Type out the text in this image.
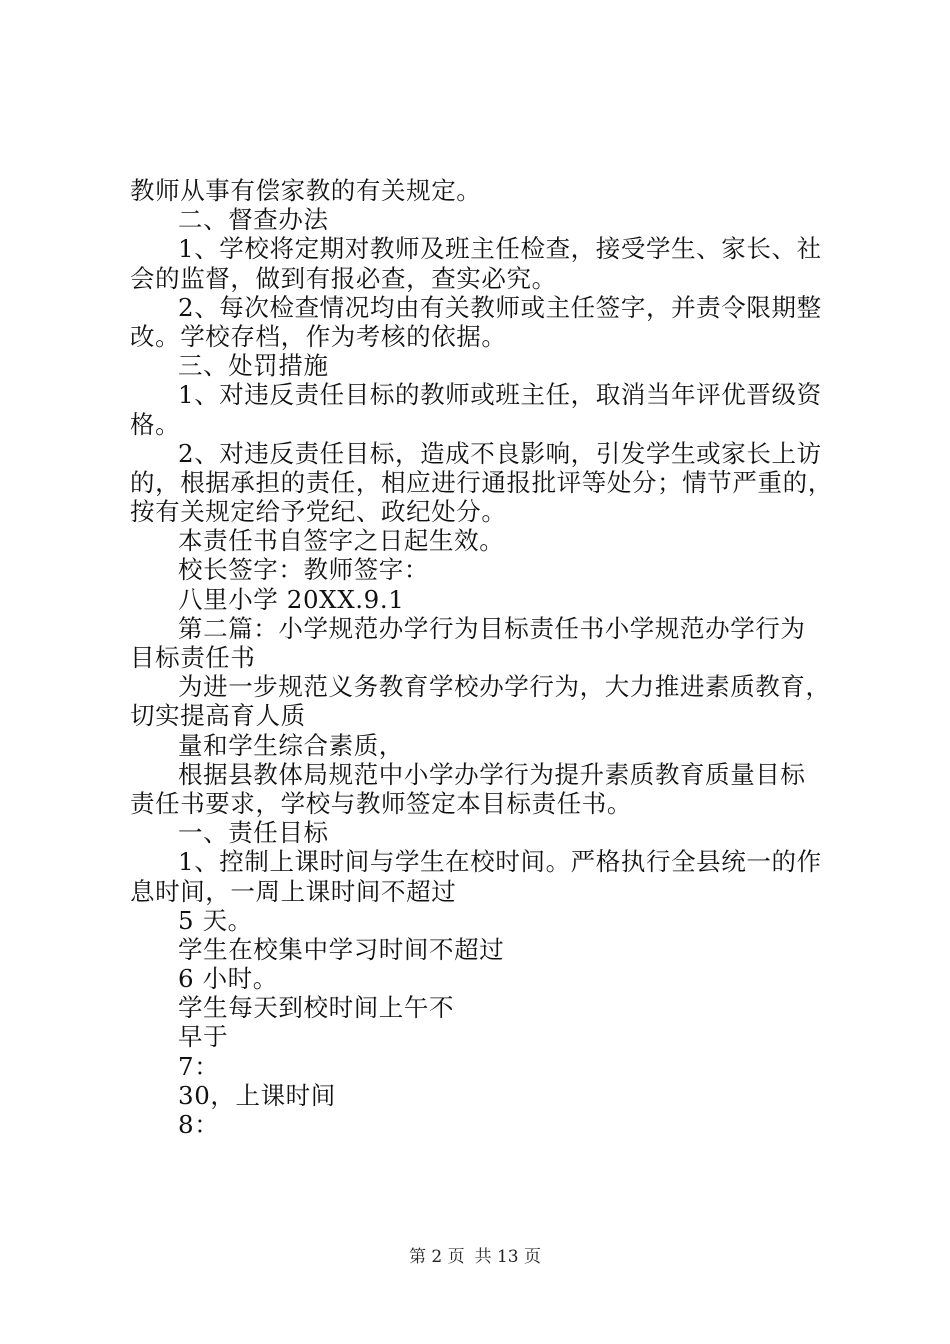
教师从事有偿家教的有关规定。
二、督查办法
1、学校将定期对教师及班主任检查，接受学生、家长、社
会的监督，做到有报必查，查实必究。
2、每次检查情况均由有关教师或主任签字，并责令限期整
改。学校存档，作为考核的依据。
三、处罚措施
1、对违反责任目标的教师或班主任，取消当年评优晋级资
格。
2、对违反责任目标，造成不良影响，引发学生或家长上访
的，根据承担的责任，相应进行通报批评等处分；情节严重的，
按有关规定给予党纪、政纪处分。
本责任书自签字之日起生效。
校长签字：教师签字：
八里小学 20XX.9.1
第二篇：小学规范办学行为目标责任书小学规范办学行为
目标责任书
为进一步规范义务教育学校办学行为，大力推进素质教育，
切实提高育人质
量和学生综合素质，
根据县教体局规范中小学办学行为提升素质教育质量目标
责任书要求，学校与教师签定本目标责任书。
一、责任目标
1、控制上课时间与学生在校时间。严格执行全县统一的作
息时间，一周上课时间不超过
5 天。
学生在校集中学习时间不超过
6 小时。
学生每天到校时间上午不
早于
7：
30，上课时间
8：
第 2 页 共 13 页
